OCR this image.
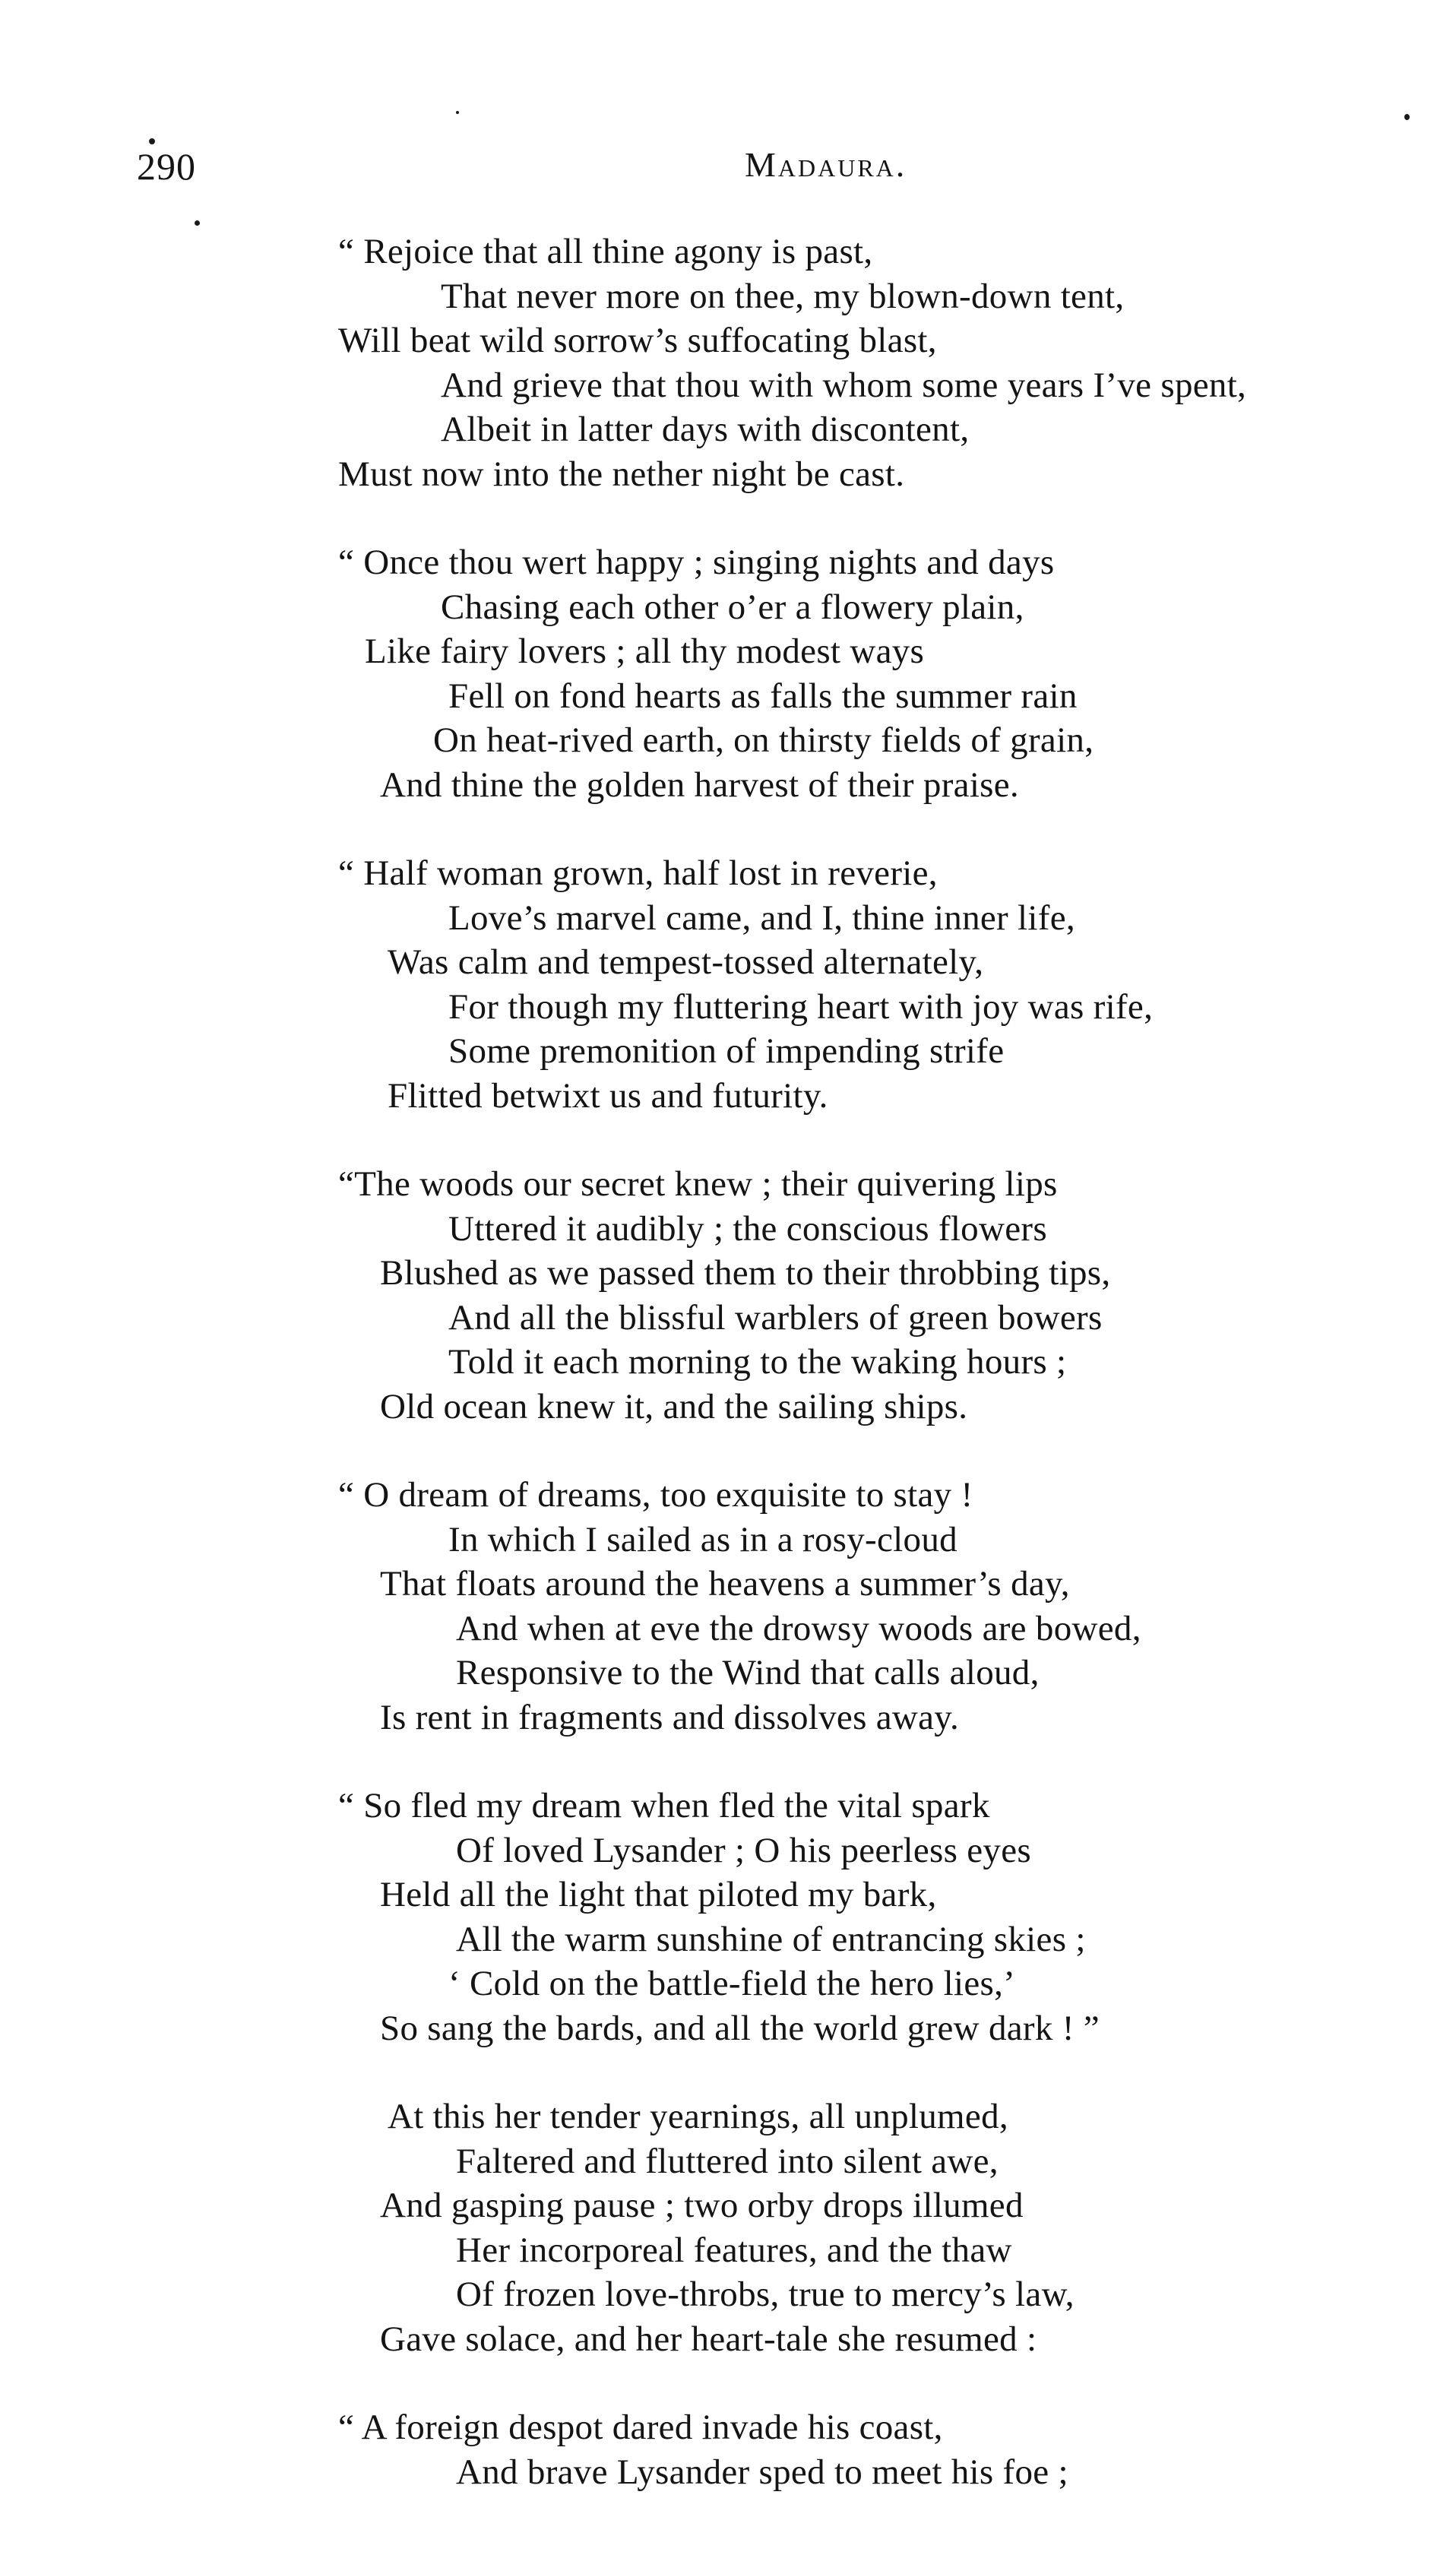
290	Madaura.
“ Rejoice that all thine agony is past,
That never more on thee, my blown-down tent,
Will beat wild sorrow’s suffocating blast,
And grieve that thou with whom some years I’ve spent,
Albeit in latter days with discontent,
Must now into the nether night be cast.
“ Once thou wert happy ; singing nights and days
Chasing each other o’er a flowery plain,
Like fairy lovers ; all thy modest ways
Fell on fond hearts as falls the summer rain
On heat-rived earth, on thirsty fields of grain,
And thine the golden harvest of their praise.
“ Half woman grown, half lost in reverie,
Love’s marvel came, and I, thine inner life,
Was calm and tempest-tossed alternately,
For though my fluttering heart with joy was rife,
Some premonition of impending strife
Flitted betwixt us and futurity.
“The woods our secret knew ; their quivering lips
Uttered it audibly ; the conscious flowers
Blushed as we passed them to their throbbing tips,
And all the blissful warblers of green bowers
Told it each morning to the waking hours ;
Old ocean knew it, and the sailing ships.
“ O dream of dreams, too exquisite to stay !
In which I sailed as in a rosy-cloud
That floats around the heavens a summer’s day,
And when at eve the drowsy woods are bowed,
Responsive to the Wind that calls aloud,
Is rent in fragments and dissolves away.
“ So fled my dream when fled the vital spark
Of loved Lysander ; O his peerless eyes
Held all the light that piloted my bark,
All the warm sunshine of entrancing skies ;
‘ Cold on the battle-field the hero lies,’
So sang the bards, and all the world grew dark ! ”
At this her tender yearnings, all unplumed,
Faltered and fluttered into silent awe,
And gasping pause ; two orby drops illumed
Her incorporeal features, and the thaw
Of frozen love-throbs, true to mercy’s law,
Gave solace, and her heart-tale she resumed :
“ A foreign despot dared invade his coast,
And brave Lysander sped to meet his foe ;
